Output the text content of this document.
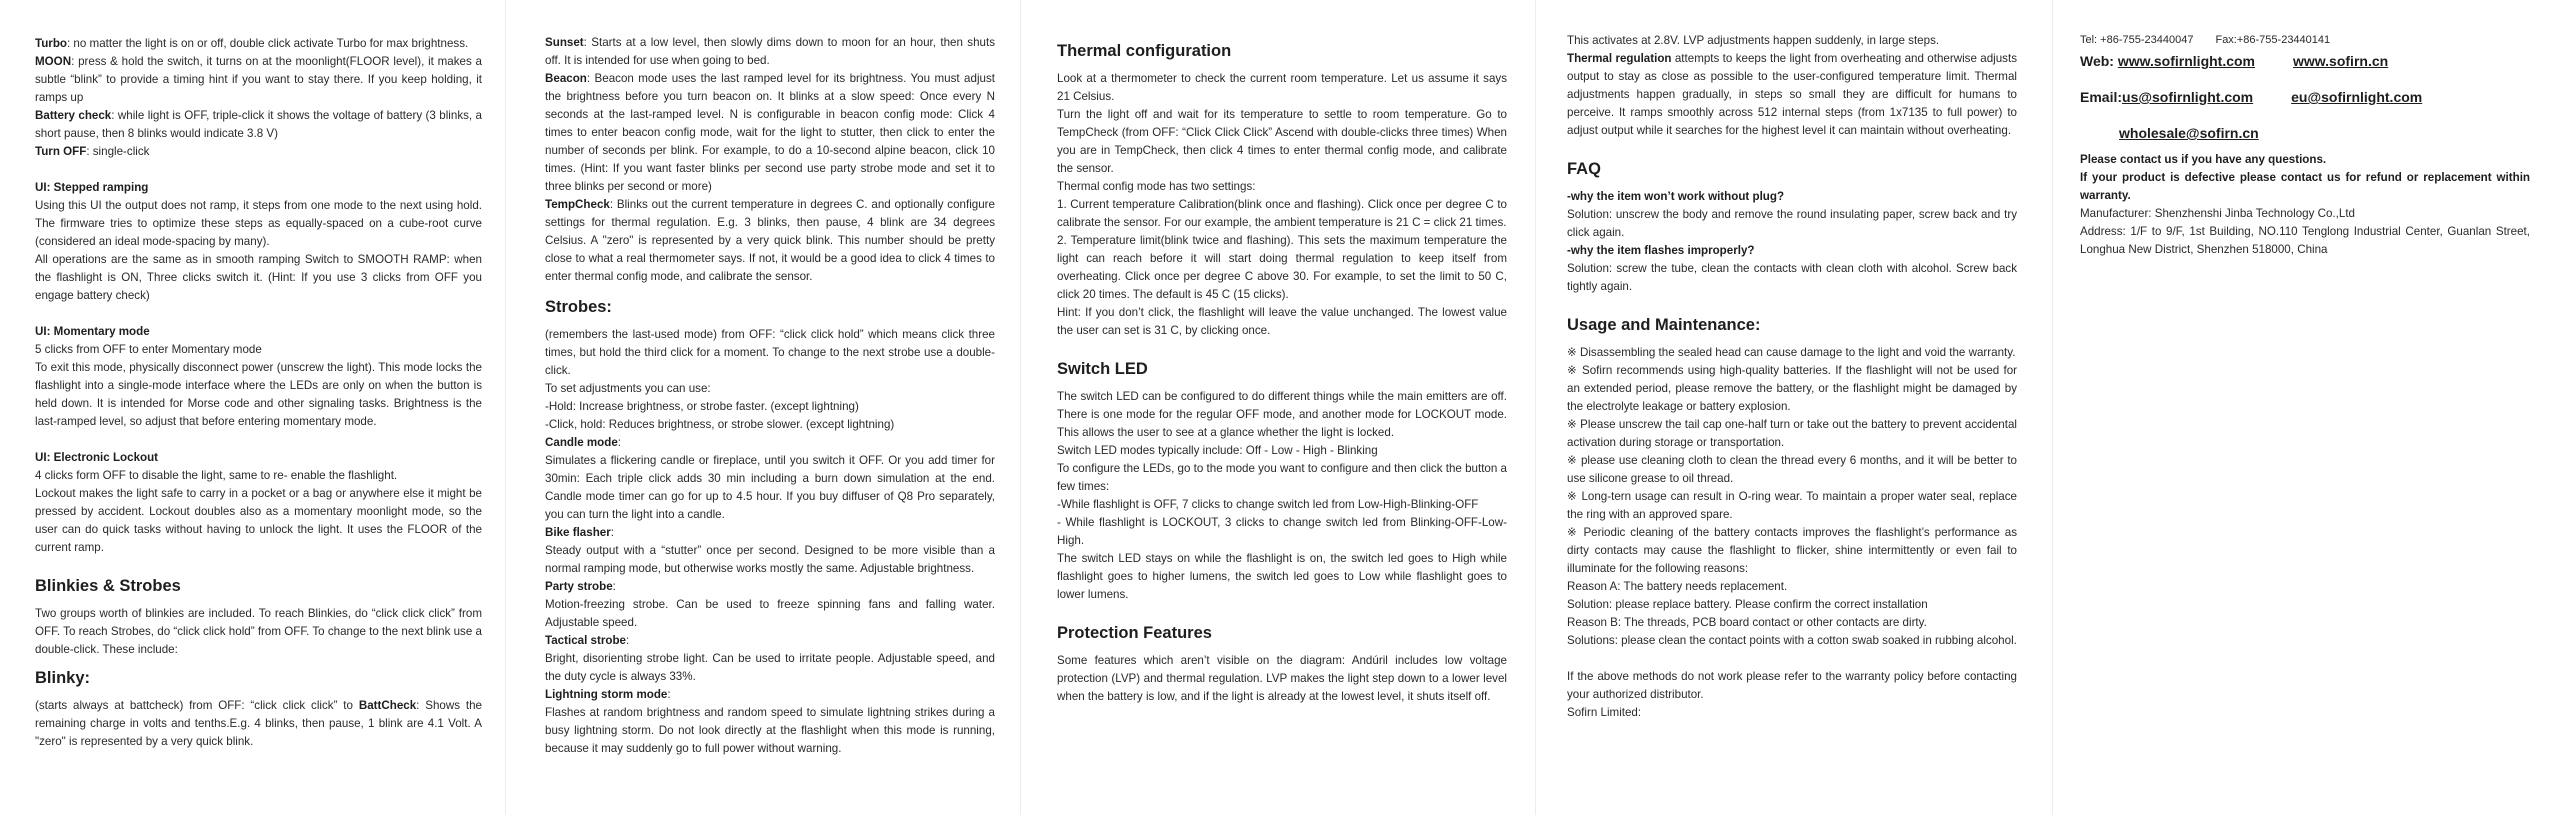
Turbo: no matter the light is on or off, double click activate Turbo for max brightness.

MOON: press & hold the switch, it turns on at the moonlight(FLOOR level), it makes a subtle “blink” to provide a timing hint if you want to stay there. If you keep holding, it ramps up

Battery check: while light is OFF, triple-click it shows the voltage of battery (3 blinks, a short pause, then 8 blinks would indicate 3.8 V)

Turn OFF: single-click

UI: Stepped ramping

Using this UI the output does not ramp, it steps from one mode to the next using hold. The firmware tries to optimize these steps as equally-spaced on a cube-root curve (considered an ideal mode-spacing by many).

All operations are the same as in smooth ramping Switch to SMOOTH RAMP: when the flashlight is ON, Three clicks switch it. (Hint: If you use 3 clicks from OFF you engage battery check)

UI: Momentary mode

5 clicks from OFF to enter Momentary mode

To exit this mode, physically disconnect power (unscrew the light). This mode locks the flashlight into a single-mode interface where the LEDs are only on when the button is held down. It is intended for Morse code and other signaling tasks. Brightness is the last-ramped level, so adjust that before entering momentary mode.

UI: Electronic Lockout

4 clicks form OFF to disable the light, same to re- enable the flashlight.

Lockout makes the light safe to carry in a pocket or a bag or anywhere else it might be pressed by accident. Lockout doubles also as a momentary moonlight mode, so the user can do quick tasks without having to unlock the light. It uses the FLOOR of the current ramp.

Blinkies & Strobes

Two groups worth of blinkies are included. To reach Blinkies, do “click click click” from OFF. To reach Strobes, do “click click hold” from OFF. To change to the next blink use a double-click. These include:

Blinky:

(starts always at battcheck) from OFF: “click click click” to BattCheck: Shows the remaining charge in volts and tenths.E.g. 4 blinks, then pause, 1 blink are 4.1 Volt. A "zero" is represented by a very quick blink.

Sunset: Starts at a low level, then slowly dims down to moon for an hour, then shuts off. It is intended for use when going to bed.

Beacon: Beacon mode uses the last ramped level for its brightness. You must adjust the brightness before you turn beacon on. It blinks at a slow speed: Once every N seconds at the last-ramped level. N is configurable in beacon config mode: Click 4 times to enter beacon config mode, wait for the light to stutter, then click to enter the number of seconds per blink. For example, to do a 10-second alpine beacon, click 10 times. (Hint: If you want faster blinks per second use party strobe mode and set it to three blinks per second or more)

TempCheck: Blinks out the current temperature in degrees C. and optionally configure settings for thermal regulation. E.g. 3 blinks, then pause, 4 blink are 34 degrees Celsius. A "zero" is represented by a very quick blink. This number should be pretty close to what a real thermometer says. If not, it would be a good idea to click 4 times to enter thermal config mode, and calibrate the sensor.

Strobes:

(remembers the last-used mode) from OFF: “click click hold” which means click three times, but hold the third click for a moment. To change to the next strobe use a double-click.

To set adjustments you can use:

-Hold: Increase brightness, or strobe faster. (except lightning)

-Click, hold: Reduces brightness, or strobe slower. (except lightning)

Candle mode:

Simulates a flickering candle or fireplace, until you switch it OFF. Or you add timer for 30min: Each triple click adds 30 min including a burn down simulation at the end. Candle mode timer can go for up to 4.5 hour. If you buy diffuser of Q8 Pro separately, you can turn the light into a candle.

Bike flasher:

Steady output with a “stutter” once per second. Designed to be more visible than a normal ramping mode, but otherwise works mostly the same. Adjustable brightness.

Party strobe:

Motion-freezing strobe. Can be used to freeze spinning fans and falling water. Adjustable speed.

Tactical strobe:

Bright, disorienting strobe light. Can be used to irritate people. Adjustable speed, and the duty cycle is always 33%.

Lightning storm mode:

Flashes at random brightness and random speed to simulate lightning strikes during a busy lightning storm. Do not look directly at the flashlight when this mode is running, because it may suddenly go to full power without warning.

Thermal configuration

Look at a thermometer to check the current room temperature. Let us assume it says 21 Celsius.

Turn the light off and wait for its temperature to settle to room temperature. Go to TempCheck (from OFF: “Click Click Click” Ascend with double-clicks three times) When you are in TempCheck, then click 4 times to enter thermal config mode, and calibrate the sensor.

Thermal config mode has two settings:

1. Current temperature Calibration(blink once and flashing). Click once per degree C to calibrate the sensor. For our example, the ambient temperature is 21 C = click 21 times.

2. Temperature limit(blink twice and flashing). This sets the maximum temperature the light can reach before it will start doing thermal regulation to keep itself from overheating. Click once per degree C above 30. For example, to set the limit to 50 C, click 20 times. The default is 45 C (15 clicks).

Hint: If you don’t click, the flashlight will leave the value unchanged. The lowest value the user can set is 31 C, by clicking once.

Switch LED

The switch LED can be configured to do different things while the main emitters are off. There is one mode for the regular OFF mode, and another mode for LOCKOUT mode. This allows the user to see at a glance whether the light is locked.

Switch LED modes typically include: Off - Low - High - Blinking

To configure the LEDs, go to the mode you want to configure and then click the button a few times:

-While flashlight is OFF, 7 clicks to change switch led from Low-High-Blinking-OFF

- While flashlight is LOCKOUT, 3 clicks to change switch led from Blinking-OFF-Low-High.

The switch LED stays on while the flashlight is on, the switch led goes to High while flashlight goes to higher lumens, the switch led goes to Low while flashlight goes to lower lumens.

Protection Features

Some features which aren’t visible on the diagram: Andúril includes low voltage protection (LVP) and thermal regulation. LVP makes the light step down to a lower level when the battery is low, and if the light is already at the lowest level, it shuts itself off.

This activates at 2.8V. LVP adjustments happen suddenly, in large steps.

Thermal regulation attempts to keeps the light from overheating and otherwise adjusts output to stay as close as possible to the user-configured temperature limit. Thermal adjustments happen gradually, in steps so small they are difficult for humans to perceive. It ramps smoothly across 512 internal steps (from 1x7135 to full power) to adjust output while it searches for the highest level it can maintain without overheating.

FAQ

-why the item won’t work without plug?

Solution: unscrew the body and remove the round insulating paper, screw back and try click again.

-why the item flashes improperly?

Solution: screw the tube, clean the contacts with clean cloth with alcohol. Screw back tightly again.

Usage and Maintenance:

※ Disassembling the sealed head can cause damage to the light and void the warranty.

※ Sofirn recommends using high-quality batteries. If the flashlight will not be used for an extended period, please remove the battery, or the flashlight might be damaged by the electrolyte leakage or battery explosion.

※ Please unscrew the tail cap one-half turn or take out the battery to prevent accidental activation during storage or transportation.

※ please use cleaning cloth to clean the thread every 6 months, and it will be better to use silicone grease to oil thread.

※ Long-tern usage can result in O-ring wear. To maintain a proper water seal, replace the ring with an approved spare.

※ Periodic cleaning of the battery contacts improves the flashlight’s performance as dirty contacts may cause the flashlight to flicker, shine intermittently or even fail to illuminate for the following reasons:

Reason A: The battery needs replacement.

Solution: please replace battery. Please confirm the correct installation

Reason B: The threads, PCB board contact or other contacts are dirty.

Solutions: please clean the contact points with a cotton swab soaked in rubbing alcohol.

If the above methods do not work please refer to the warranty policy before contacting your authorized distributor.

Sofirn Limited:

Tel: +86-755-23440047 Fax:+86-755-23440141

Web: www.sofirnlight.com	www.sofirn.cn

Email:us@sofirnlight.com	eu@sofirnlight.com

wholesale@sofirn.cn

Please contact us if you have any questions.

If your product is defective please contact us for refund or replacement within warranty.

Manufacturer: Shenzhenshi Jinba Technology Co.,Ltd

Address: 1/F to 9/F, 1st Building, NO.110 Tenglong Industrial Center, Guanlan Street, Longhua New District, Shenzhen 518000, China
